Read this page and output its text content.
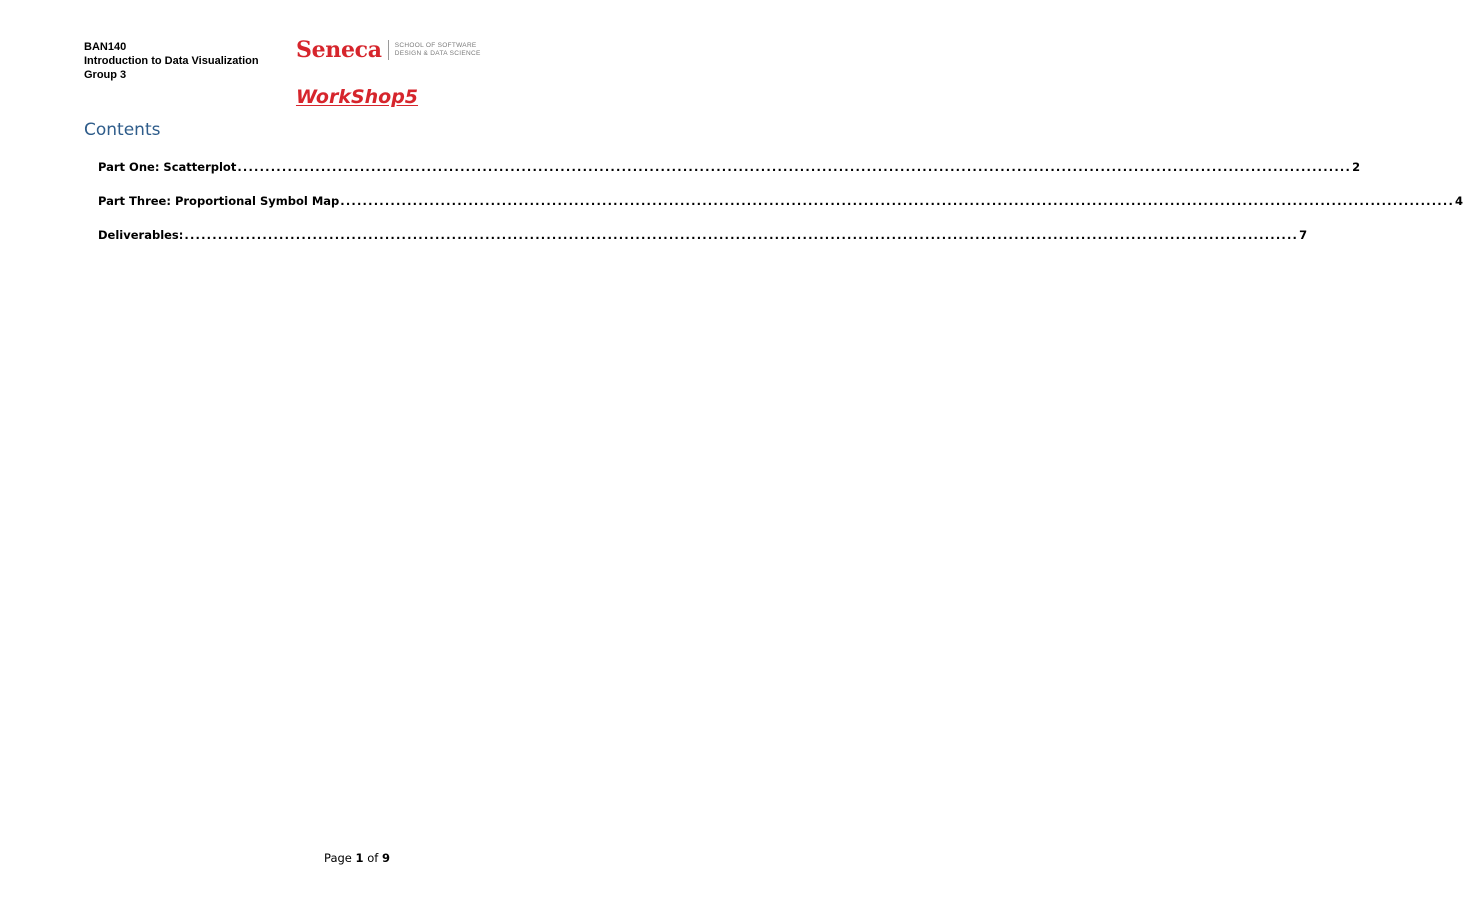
BAN140
Introduction to Data Visualization
Group 3
Seneca SCHOOL OF SOFTWARE
DESIGN & DATA SCIENCE
WorkShop5
Contents
Part One: Scatterplot ........................................................................................................................................................................................................ 2
Part Three: Proportional Symbol Map ........................................................................................................................................................................................................ 4
Deliverables: ........................................................................................................................................................................................................ 7
Page 1 of 9
